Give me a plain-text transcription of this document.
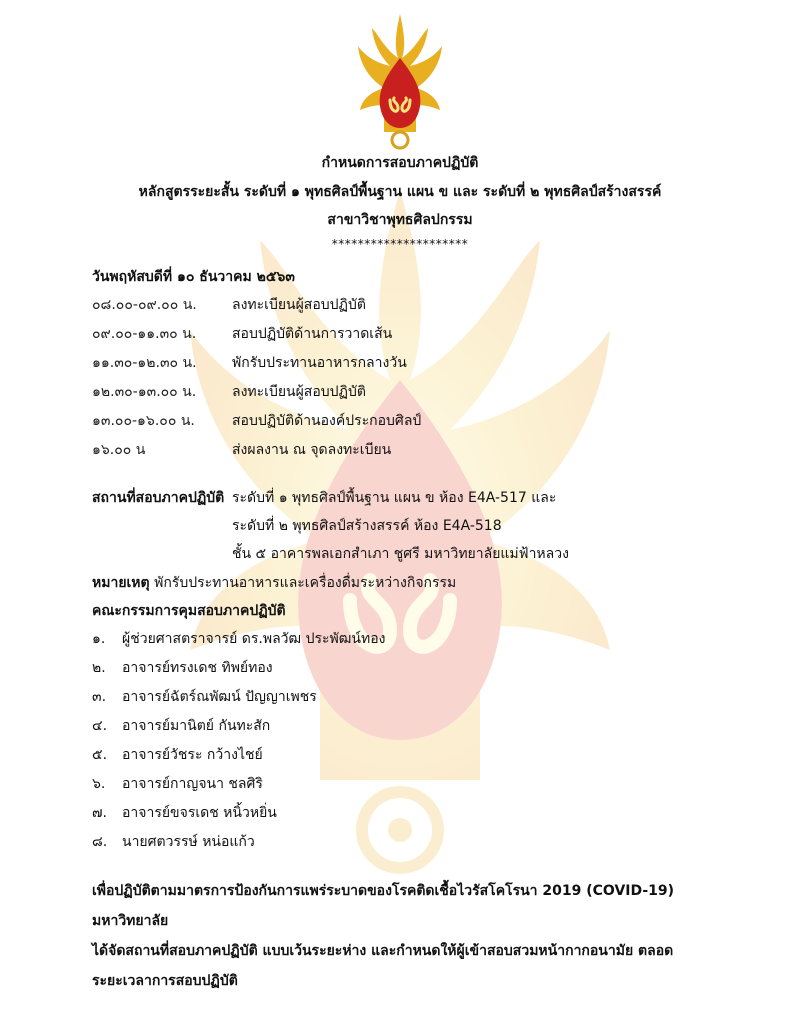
กำหนดการสอบภาคปฏิบัติ
หลักสูตรระยะสั้น ระดับที่ ๑ พุทธศิลป์พื้นฐาน แผน ข และ ระดับที่ ๒ พุทธศิลป์สร้างสรรค์
สาขาวิชาพุทธศิลปกรรม
*********************
วันพฤหัสบดีที่ ๑๐ ธันวาคม ๒๕๖๓
๐๘.๐๐-๐๙.๐๐ น.	ลงทะเบียนผู้สอบปฏิบัติ
๐๙.๐๐-๑๑.๓๐ น.	สอบปฏิบัติด้านการวาดเส้น
๑๑.๓๐-๑๒.๓๐ น.	พักรับประทานอาหารกลางวัน
๑๒.๓๐-๑๓.๐๐ น.	ลงทะเบียนผู้สอบปฏิบัติ
๑๓.๐๐-๑๖.๐๐ น.	สอบปฏิบัติด้านองค์ประกอบศิลป์
๑๖.๐๐ น	ส่งผลงาน ณ จุดลงทะเบียน
สถานที่สอบภาคปฏิบัติ ระดับที่ ๑ พุทธศิลป์พื้นฐาน แผน ข ห้อง E4A-517 และ
ระดับที่ ๒ พุทธศิลป์สร้างสรรค์ ห้อง E4A-518
ชั้น ๕ อาคารพลเอกสำเภา ชูศรี มหาวิทยาลัยแม่ฟ้าหลวง
หมายเหตุ พักรับประทานอาหารและเครื่องดื่มระหว่างกิจกรรม
คณะกรรมการคุมสอบภาคปฏิบัติ
๑.	ผู้ช่วยศาสตราจารย์ ดร.พลวัฒ ประพัฒน์ทอง
๒.	อาจารย์ทรงเดช ทิพย์ทอง
๓.	อาจารย์ฉัตร์ณพัฒน์ ปัญญาเพชร
๔.	อาจารย์มานิตย์ กันทะสัก
๕.	อาจารย์วัชระ กว้างไชย์
๖.	อาจารย์กาญจนา ชลศิริ
๗.	อาจารย์ขจรเดช หนิ้วหยิ่น
๘.	นายศตวรรษ์ หน่อแก้ว
เพื่อปฏิบัติตามมาตรการป้องกันการแพร่ระบาดของโรคติดเชื้อไวรัสโคโรนา 2019 (COVID-19) มหาวิทยาลัย
ได้จัดสถานที่สอบภาคปฏิบัติ แบบเว้นระยะห่าง และกำหนดให้ผู้เข้าสอบสวมหน้ากากอนามัย ตลอด
ระยะเวลาการสอบปฏิบัติ
